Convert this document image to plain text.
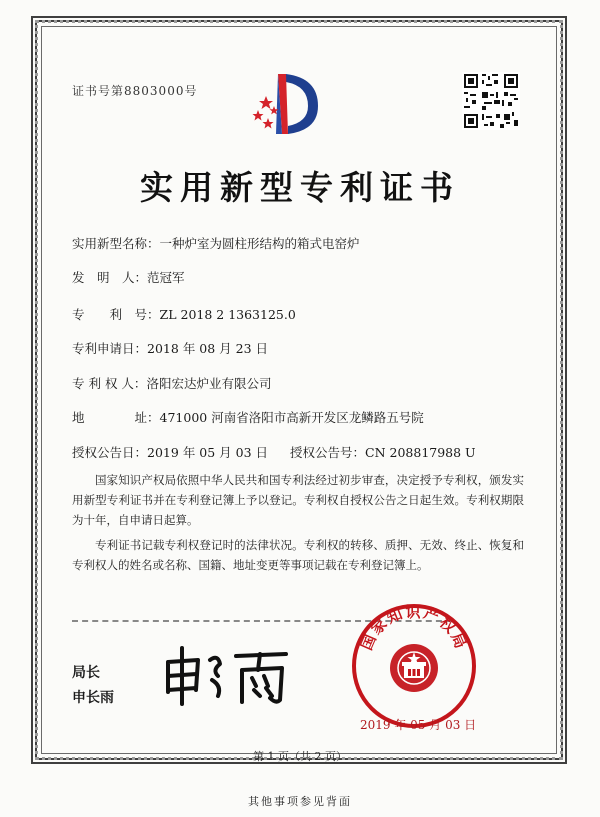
证书号第8803000号
实用新型专利证书
实用新型名称：一种炉室为圆柱形结构的箱式电窑炉
发　明　人：范冠军
专　　利　号：ZL 2018 2 1363125.0
专利申请日：2018 年 08 月 23 日
专 利 权 人：洛阳宏达炉业有限公司
地　　　　址：471000 河南省洛阳市高新开发区龙鳞路五号院
授权公告日：2019 年 05 月 03 日 授权公告号：CN 208817988 U
国家知识产权局依照中华人民共和国专利法经过初步审查，决定授予专利权，颁发实用新型专利证书并在专利登记簿上予以登记。专利权自授权公告之日起生效。专利权期限为十年，自申请日起算。
专利证书记载专利权登记时的法律状况。专利权的转移、质押、无效、终止、恢复和专利权人的姓名或名称、国籍、地址变更等事项记载在专利登记簿上。
局长
申长雨
国家知识产权局
2019 年 05 月 03 日
第 1 页（共 2 页）
其他事项参见背面
